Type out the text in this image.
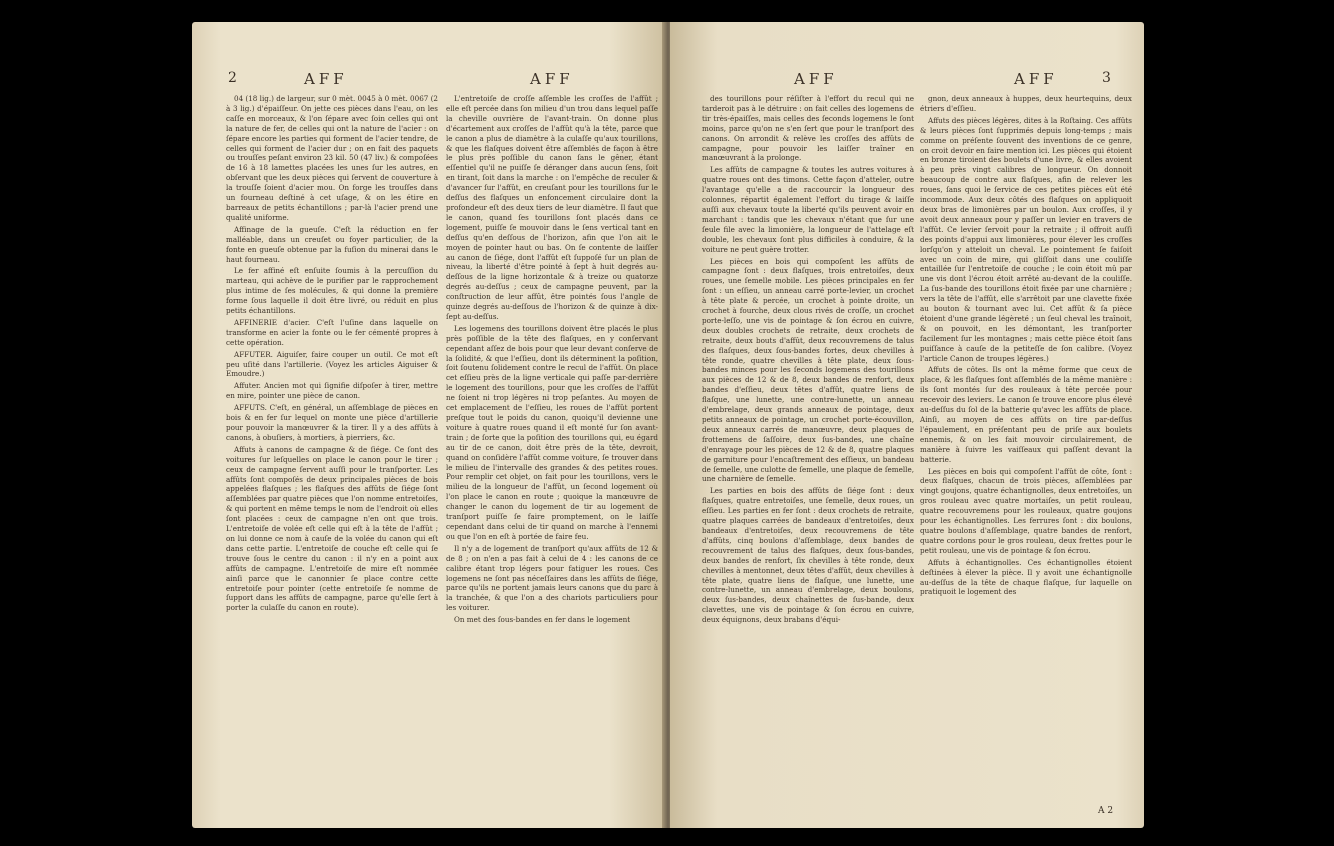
2	AFF	AFF

04 (18 lig.) de largeur, sur 0 mèt. 0045 à 0 mèt. 0067 (2 à 3 lig.) d'épaiſſeur. On jette ces pièces dans l'eau, on les caſſe en morceaux, & l'on ſépare avec ſoin celles qui ont la nature de fer, de celles qui ont la nature de l'acier : on ſépare encore les parties qui forment de l'acier tendre, de celles qui forment de l'acier dur ; on en fait des paquets ou trouſſes peſant environ 23 kil. 50 (47 liv.) & compoſées de 16 à 18 lamettes placées les unes ſur les autres, en obſervant que les deux pièces qui ſervent de couverture à la trouſſe ſoient d'acier mou. On forge les trouſſes dans un fourneau deſtiné à cet uſage, & on les étire en barreaux de petits échantillons ; par-là l'acier prend une qualité uniforme.

Affinage de la gueuſe. C'eſt la réduction en fer malléable, dans un creuſet ou foyer particulier, de la fonte en gueuſe obtenue par la fuſion du minerai dans le haut fourneau.

Le fer affiné eſt enſuite ſoumis à la percuſſion du marteau, qui achève de le purifier par le rapprochement plus intime de ſes molécules, & qui donne la première forme ſous laquelle il doit être livré, ou réduit en plus petits échantillons.

AFFINERIE d'acier. C'eſt l'uſine dans laquelle on transforme en acier la fonte ou le fer cémenté propres à cette opération.

AFFUTER. Aiguiſer, faire couper un outil. Ce mot eſt peu uſité dans l'artillerie. (Voyez les articles Aiguiser & Emoudre.)

Affuter. Ancien mot qui ſignifie diſpoſer à tirer, mettre en mire, pointer une pièce de canon.

AFFUTS. C'eſt, en général, un aſſemblage de pièces en bois & en fer ſur lequel on monte une pièce d'artillerie pour pouvoir la manœuvrer & la tirer. Il y a des affûts à canons, à obuſiers, à mortiers, à pierriers, &c.

Affuts à canons de campagne & de ſiége. Ce ſont des voitures ſur leſquelles on place le canon pour le tirer ; ceux de campagne ſervent auſſi pour le tranſporter. Les affûts ſont compoſés de deux principales pièces de bois appelées flaſques ; les flaſques des affûts de ſiége ſont aſſemblées par quatre pièces que l'on nomme entretoiſes, & qui portent en même temps le nom de l'endroit où elles ſont placées : ceux de campagne n'en ont que trois. L'entretoiſe de volée eſt celle qui eſt à la tête de l'affût ; on lui donne ce nom à cauſe de la volée du canon qui eſt dans cette partie. L'entretoiſe de couche eſt celle qui ſe trouve ſous le centre du canon : il n'y en a point aux affûts de campagne. L'entretoiſe de mire eſt nommée ainſi parce que le canonnier ſe place contre cette entretoiſe pour pointer (cette entretoiſe ſe nomme de ſupport dans les affûts de campagne, parce qu'elle ſert à porter la culaſſe du canon en route).

L'entretoiſe de croſſe aſſemble les croſſes de l'affût ; elle eſt percée dans ſon milieu d'un trou dans lequel paſſe la cheville ouvrière de l'avant-train. On donne plus d'écartement aux croſſes de l'affût qu'à la tête, parce que le canon a plus de diamètre à la culaſſe qu'aux tourillons, & que les flaſques doivent être aſſemblés de façon à être le plus près poſſible du canon ſans le gêner, étant eſſentiel qu'il ne puiſſe ſe déranger dans aucun ſens, ſoit en tirant, ſoit dans la marche : on l'empêche de reculer & d'avancer ſur l'affût, en creuſant pour les tourillons ſur le deſſus des flaſques un enfoncement circulaire dont la profondeur eſt des deux tiers de leur diamètre. Il faut que le canon, quand ſes tourillons ſont placés dans ce logement, puiſſe ſe mouvoir dans le ſens vertical tant en deſſus qu'en deſſous de l'horizon, afin que l'on ait le moyen de pointer haut ou bas. On ſe contente de laiſſer au canon de ſiége, dont l'affût eſt ſuppoſé ſur un plan de niveau, la liberté d'être pointé à ſept à huit degrés au-deſſous de la ligne horizontale & à treize ou quatorze degrés au-deſſus ; ceux de campagne peuvent, par la conſtruction de leur affût, être pointés ſous l'angle de quinze degrés au-deſſous de l'horizon & de quinze à dix-ſept au-deſſus.

Les logemens des tourillons doivent être placés le plus près poſſible de la tête des flaſques, en y conſervant cependant aſſez de bois pour que leur devant conſerve de la ſolidité, & que l'eſſieu, dont ils déterminent la poſition, ſoit ſoutenu ſolidement contre le recul de l'affût. On place cet eſſieu près de la ligne verticale qui paſſe par-derrière le logement des tourillons, pour que les croſſes de l'affût ne ſoient ni trop légères ni trop peſantes. Au moyen de cet emplacement de l'eſſieu, les roues de l'affût portent preſque tout le poids du canon, quoiqu'il devienne une voiture à quatre roues quand il eſt monté ſur ſon avant-train ; de ſorte que la poſition des tourillons qui, eu égard au tir de ce canon, doit être près de la tête, devroit, quand on conſidère l'affût comme voiture, ſe trouver dans le milieu de l'intervalle des grandes & des petites roues. Pour remplir cet objet, on fait pour les tourillons, vers le milieu de la longueur de l'affût, un ſecond logement où l'on place le canon en route ; quoique la manœuvre de changer le canon du logement de tir au logement de tranſport puiſſe ſe faire promptement, on le laiſſe cependant dans celui de tir quand on marche à l'ennemi ou que l'on en eſt à portée de faire feu.

Il n'y a de logement de tranſport qu'aux affûts de 12 & de 8 ; on n'en a pas fait à celui de 4 : les canons de ce calibre étant trop légers pour fatiguer les roues. Ces logemens ne ſont pas néceſſaires dans les affûts de ſiége, parce qu'ils ne portent jamais leurs canons que du parc à la tranchée, & que l'on a des chariots particuliers pour les voiturer.

On met des ſous-bandes en fer dans le logement

AFF	AFF	3

des tourillons pour réſiſter à l'effort du recul qui ne tarderoit pas à le détruire : on fait celles des logemens de tir très-épaiſſes, mais celles des ſeconds logemens le ſont moins, parce qu'on ne s'en ſert que pour le tranſport des canons. On arrondit & relève les croſſes des affûts de campagne, pour pouvoir les laiſſer traîner en manœuvrant à la prolonge.

Les affûts de campagne & toutes les autres voitures à quatre roues ont des timons. Cette façon d'atteler, outre l'avantage qu'elle a de raccourcir la longueur des colonnes, répartit également l'effort du tirage & laiſſe auſſi aux chevaux toute la liberté qu'ils peuvent avoir en marchant : tandis que les chevaux n'étant que ſur une ſeule file avec la limonière, la longueur de l'attelage eſt double, les chevaux ſont plus difficiles à conduire, & la voiture ne peut guère trotter.

Les pièces en bois qui compoſent les affûts de campagne ſont : deux flaſques, trois entretoiſes, deux roues, une ſemelle mobile. Les pièces principales en fer ſont : un eſſieu, un anneau carré porte-levier, un crochet à tête plate & percée, un crochet à pointe droite, un crochet à fourche, deux clous rivés de croſſe, un crochet porte-leſſo, une vis de pointage & ſon écrou en cuivre, deux doubles crochets de retraite, deux crochets de retraite, deux bouts d'affût, deux recouvremens de talus des flaſques, deux ſous-bandes fortes, deux chevilles à tête ronde, quatre chevilles à tête plate, deux ſous-bandes minces pour les ſeconds logemens des tourillons aux pièces de 12 & de 8, deux bandes de renfort, deux bandes d'eſſieu, deux têtes d'affût, quatre liens de flaſque, une lunette, une contre-lunette, un anneau d'embrelage, deux grands anneaux de pointage, deux petits anneaux de pointage, un crochet porte-écouvillon, deux anneaux carrés de manœuvre, deux plaques de frottemens de ſaſſoire, deux ſus-bandes, une chaîne d'enrayage pour les pièces de 12 & de 8, quatre plaques de garniture pour l'encaſtrement des eſſieux, un bandeau de ſemelle, une culotte de ſemelle, une plaque de ſemelle, une charnière de ſemelle.

Les parties en bois des affûts de ſiége ſont : deux flaſques, quatre entretoiſes, une ſemelle, deux roues, un eſſieu. Les parties en fer ſont : deux crochets de retraite, quatre plaques carrées de bandeaux d'entretoiſes, deux bandeaux d'entretoiſes, deux recouvremens de tête d'affûts, cinq boulons d'aſſemblage, deux bandes de recouvrement de talus des flaſques, deux ſous-bandes, deux bandes de renfort, ſix chevilles à tête ronde, deux chevilles à mentonnet, deux têtes d'affût, deux chevilles à tête plate, quatre liens de flaſque, une lunette, une contre-lunette, un anneau d'embrelage, deux boulons, deux ſus-bandes, deux chaînettes de ſus-bande, deux clavettes, une vis de pointage & ſon écrou en cuivre, deux équignons, deux brabans d'équi-

gnon, deux anneaux à huppes, deux heurtequins, deux étriers d'eſſieu.

Affuts des pièces légères, dites à la Roſtaing. Ces affûts & leurs pièces ſont ſupprimés depuis long-temps ; mais comme on préſente ſouvent des inventions de ce genre, on croit devoir en faire mention ici. Les pièces qui étoient en bronze tiroient des boulets d'une livre, & elles avoient à peu près vingt calibres de longueur. On donnoit beaucoup de contre aux flaſques, afin de relever les roues, ſans quoi le ſervice de ces petites pièces eût été incommode. Aux deux côtés des flaſques on appliquoit deux bras de limonières par un boulon. Aux croſſes, il y avoit deux anneaux pour y paſſer un levier en travers de l'affût. Ce levier ſervoit pour la retraite ; il offroit auſſi des points d'appui aux limonières, pour élever les croſſes lorſqu'on y atteloit un cheval. Le pointement ſe faiſoit avec un coin de mire, qui gliſſoit dans une couliſſe entaillée ſur l'entretoiſe de couche ; le coin étoit mû par une vis dont l'écrou étoit arrêté au-devant de la couliſſe. La ſus-bande des tourillons étoit fixée par une charnière ; vers la tête de l'affût, elle s'arrêtoit par une clavette fixée au bouton & tournant avec lui. Cet affût & ſa pièce étoient d'une grande légèreté ; un ſeul cheval les traînoit, & on pouvoit, en les démontant, les tranſporter facilement ſur les montagnes ; mais cette pièce étoit ſans puiſſance à cauſe de la petiteſſe de ſon calibre. (Voyez l'article Canon de troupes légères.)

Affuts de côtes. Ils ont la même forme que ceux de place, & les flaſques ſont aſſemblés de la même manière : ils ſont montés ſur des rouleaux à tête percée pour recevoir des leviers. Le canon ſe trouve encore plus élevé au-deſſus du ſol de la batterie qu'avec les affûts de place. Ainſi, au moyen de ces affûts on tire par-deſſus l'épaulement, en préſentant peu de priſe aux boulets ennemis, & on les fait mouvoir circulairement, de manière à ſuivre les vaiſſeaux qui paſſent devant la batterie.

Les pièces en bois qui compoſent l'affût de côte, ſont : deux flaſques, chacun de trois pièces, aſſemblées par vingt goujons, quatre échantignolles, deux entretoiſes, un gros rouleau avec quatre mortaiſes, un petit rouleau, quatre recouvremens pour les rouleaux, quatre goujons pour les échantignolles. Les ferrures ſont : dix boulons, quatre boulons d'aſſemblage, quatre bandes de renfort, quatre cordons pour le gros rouleau, deux frettes pour le petit rouleau, une vis de pointage & ſon écrou.

Affuts à échantignolles. Ces échantignolles étoient deſtinées à élever la pièce. Il y avoit une échantignolle au-deſſus de la tête de chaque flaſque, ſur laquelle on pratiquoit le logement des

A 2
